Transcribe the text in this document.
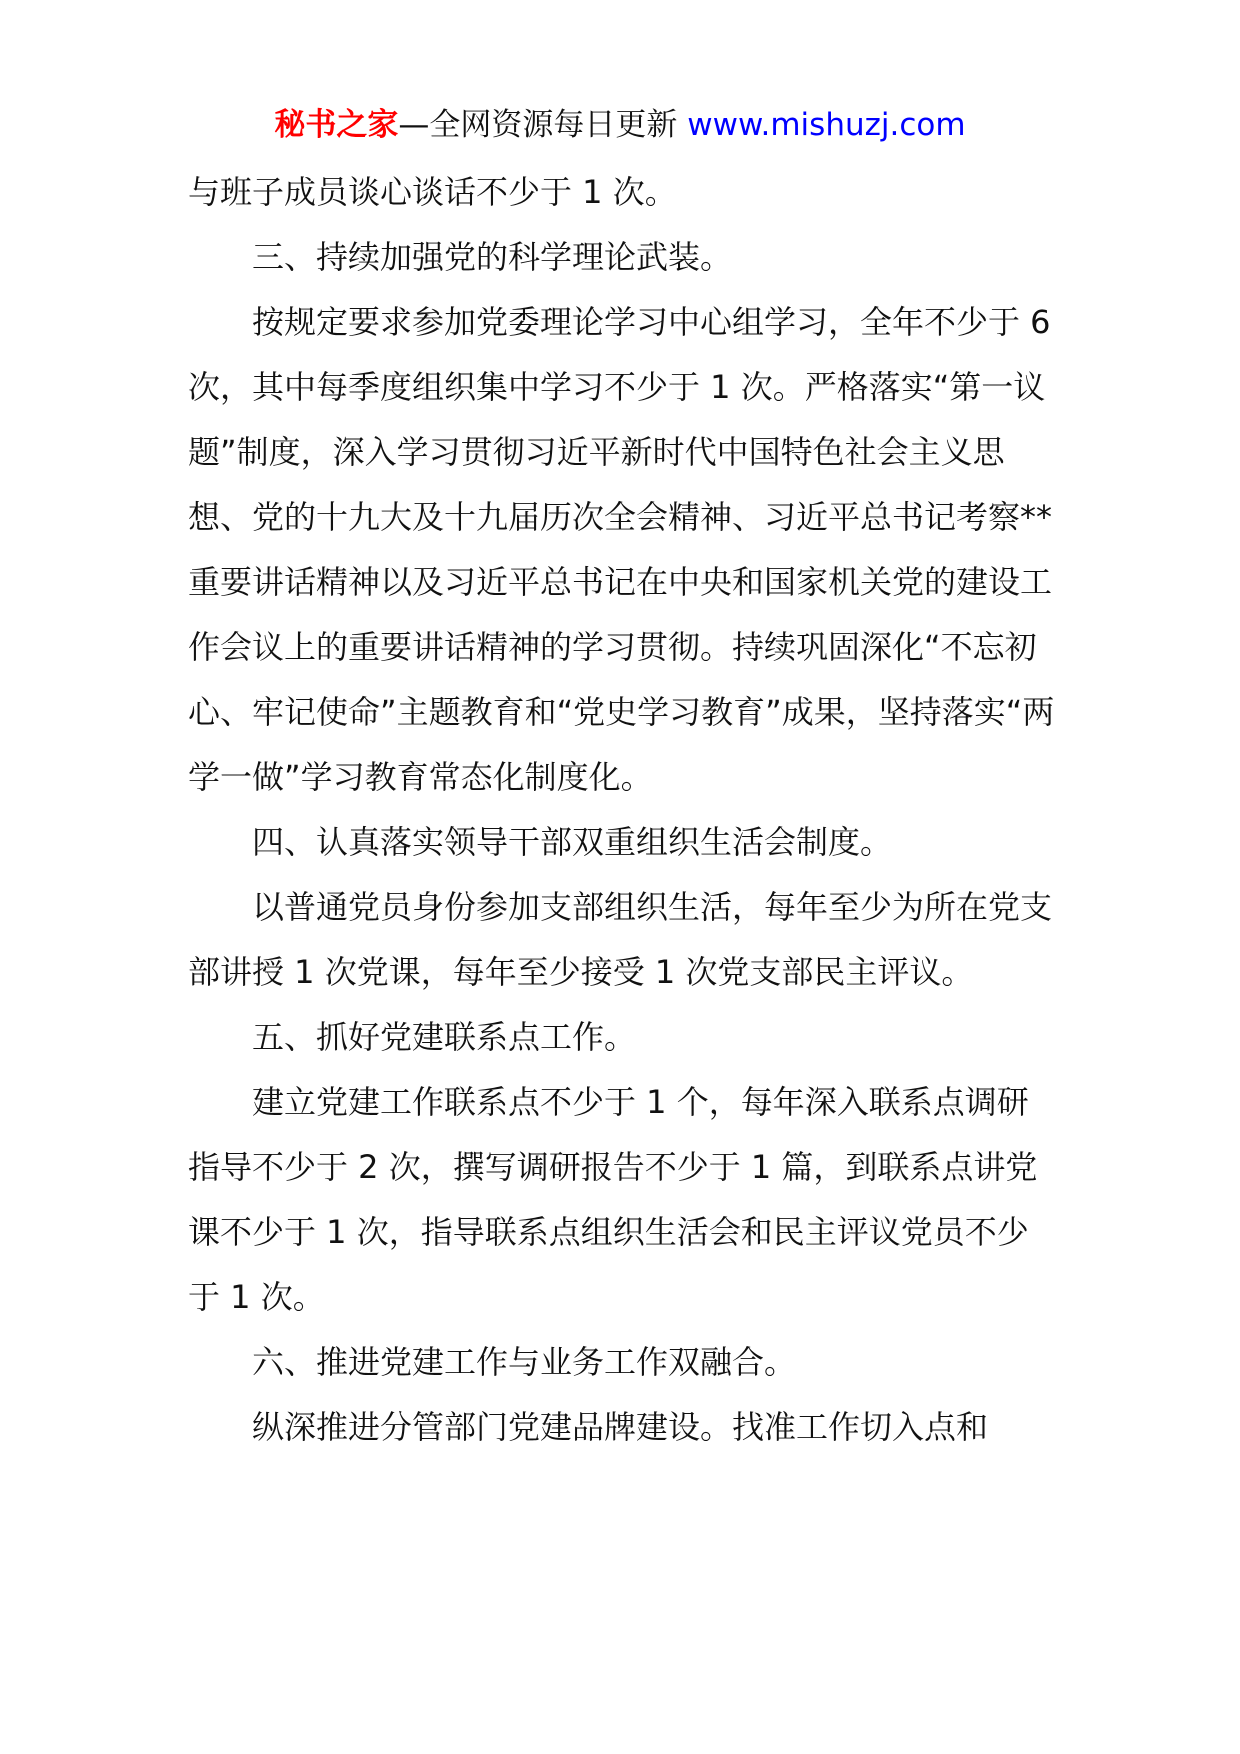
秘书之家—全网资源每日更新 www.mishuzj.com

与班子成员谈心谈话不少于 1 次。

三、持续加强党的科学理论武装。

按规定要求参加党委理论学习中心组学习，全年不少于 6 次，其中每季度组织集中学习不少于 1 次。严格落实“第一议题”制度，深入学习贯彻习近平新时代中国特色社会主义思想、党的十九大及十九届历次全会精神、习近平总书记考察**重要讲话精神以及习近平总书记在中央和国家机关党的建设工作会议上的重要讲话精神的学习贯彻。持续巩固深化“不忘初心、牢记使命”主题教育和“党史学习教育”成果，坚持落实“两学一做”学习教育常态化制度化。

四、认真落实领导干部双重组织生活会制度。

以普通党员身份参加支部组织生活，每年至少为所在党支部讲授 1 次党课，每年至少接受 1 次党支部民主评议。

五、抓好党建联系点工作。

建立党建工作联系点不少于 1 个，每年深入联系点调研指导不少于 2 次，撰写调研报告不少于 1 篇，到联系点讲党课不少于 1 次，指导联系点组织生活会和民主评议党员不少于 1 次。

六、推进党建工作与业务工作双融合。

纵深推进分管部门党建品牌建设。找准工作切入点和
